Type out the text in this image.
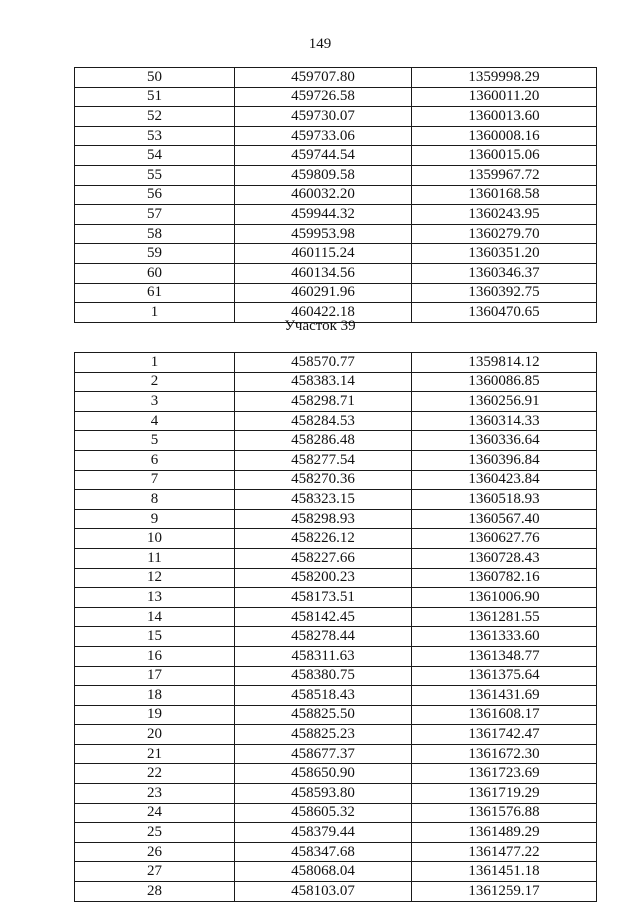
149
50	459707.80	1359998.29
51	459726.58	1360011.20
52	459730.07	1360013.60
53	459733.06	1360008.16
54	459744.54	1360015.06
55	459809.58	1359967.72
56	460032.20	1360168.58
57	459944.32	1360243.95
58	459953.98	1360279.70
59	460115.24	1360351.20
60	460134.56	1360346.37
61	460291.96	1360392.75
1	460422.18	1360470.65
Участок 39
1	458570.77	1359814.12
2	458383.14	1360086.85
3	458298.71	1360256.91
4	458284.53	1360314.33
5	458286.48	1360336.64
6	458277.54	1360396.84
7	458270.36	1360423.84
8	458323.15	1360518.93
9	458298.93	1360567.40
10	458226.12	1360627.76
11	458227.66	1360728.43
12	458200.23	1360782.16
13	458173.51	1361006.90
14	458142.45	1361281.55
15	458278.44	1361333.60
16	458311.63	1361348.77
17	458380.75	1361375.64
18	458518.43	1361431.69
19	458825.50	1361608.17
20	458825.23	1361742.47
21	458677.37	1361672.30
22	458650.90	1361723.69
23	458593.80	1361719.29
24	458605.32	1361576.88
25	458379.44	1361489.29
26	458347.68	1361477.22
27	458068.04	1361451.18
28	458103.07	1361259.17
